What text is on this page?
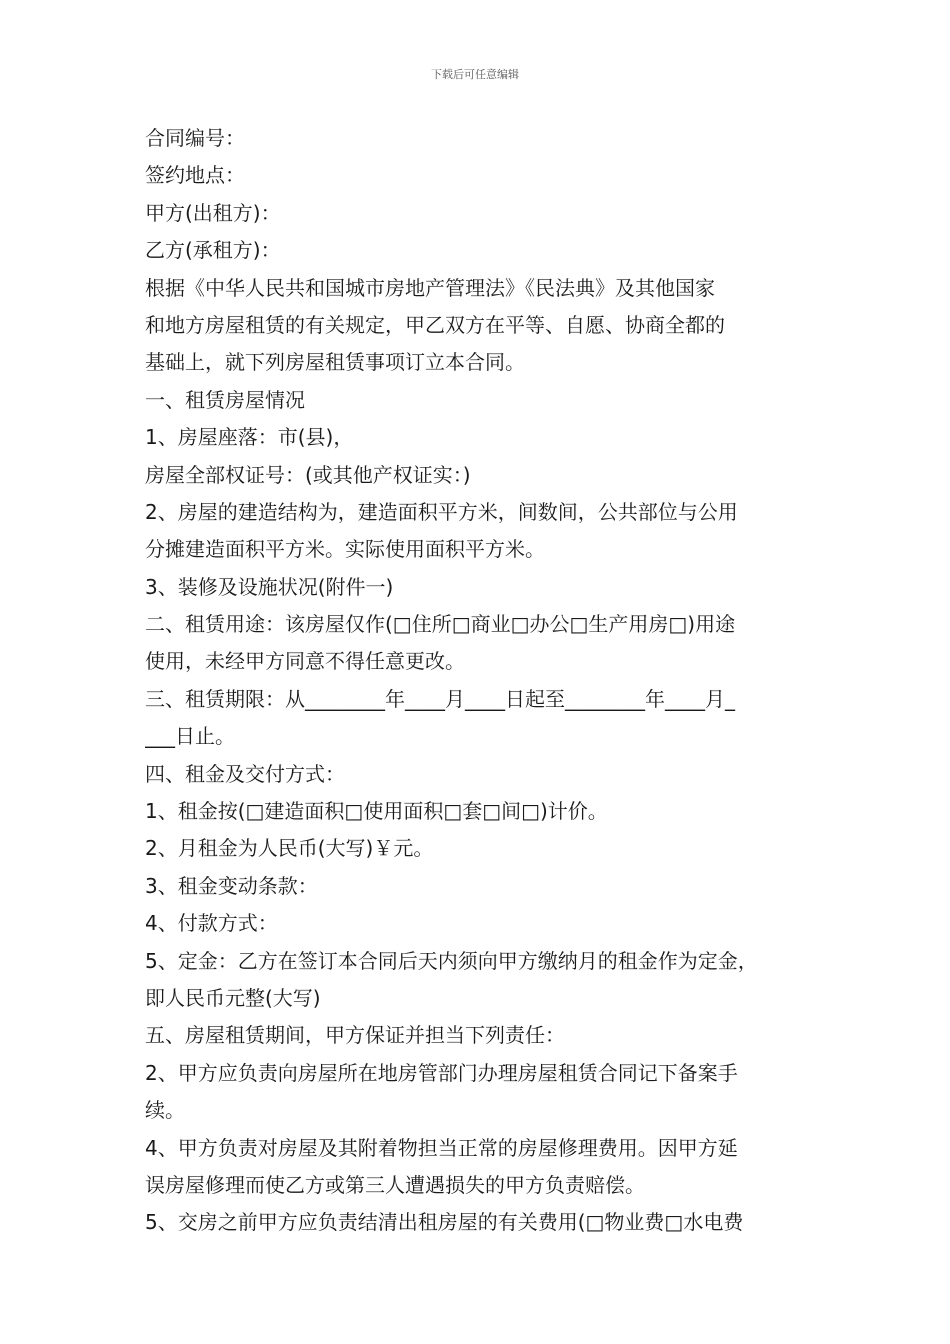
下载后可任意编辑
合同编号：
签约地点：
甲方(出租方)：
乙方(承租方)：
根据《中华人民共和国城市房地产管理法》《民法典》及其他国家
和地方房屋租赁的有关规定，甲乙双方在平等、自愿、协商全都的
基础上，就下列房屋租赁事项订立本合同。
一、租赁房屋情况
1、房屋座落：市(县)，
房屋全部权证号：(或其他产权证实：)
2、房屋的建造结构为，建造面积平方米，间数间，公共部位与公用
分摊建造面积平方米。实际使用面积平方米。
3、装修及设施状况(附件一)
二、租赁用途：该房屋仅作(□住所□商业□办公□生产用房□)用途
使用，未经甲方同意不得任意更改。
三、租赁期限：从________年____月____日起至________年____月_
___日止。
四、租金及交付方式：
1、租金按(□建造面积□使用面积□套□间□)计价。
2、月租金为人民币(大写)￥元。
3、租金变动条款：
4、付款方式：
5、定金：乙方在签订本合同后天内须向甲方缴纳月的租金作为定金，
即人民币元整(大写)
五、房屋租赁期间，甲方保证并担当下列责任：
2、甲方应负责向房屋所在地房管部门办理房屋租赁合同记下备案手
续。
4、甲方负责对房屋及其附着物担当正常的房屋修理费用。因甲方延
误房屋修理而使乙方或第三人遭遇损失的甲方负责赔偿。
5、交房之前甲方应负责结清出租房屋的有关费用(□物业费□水电费
